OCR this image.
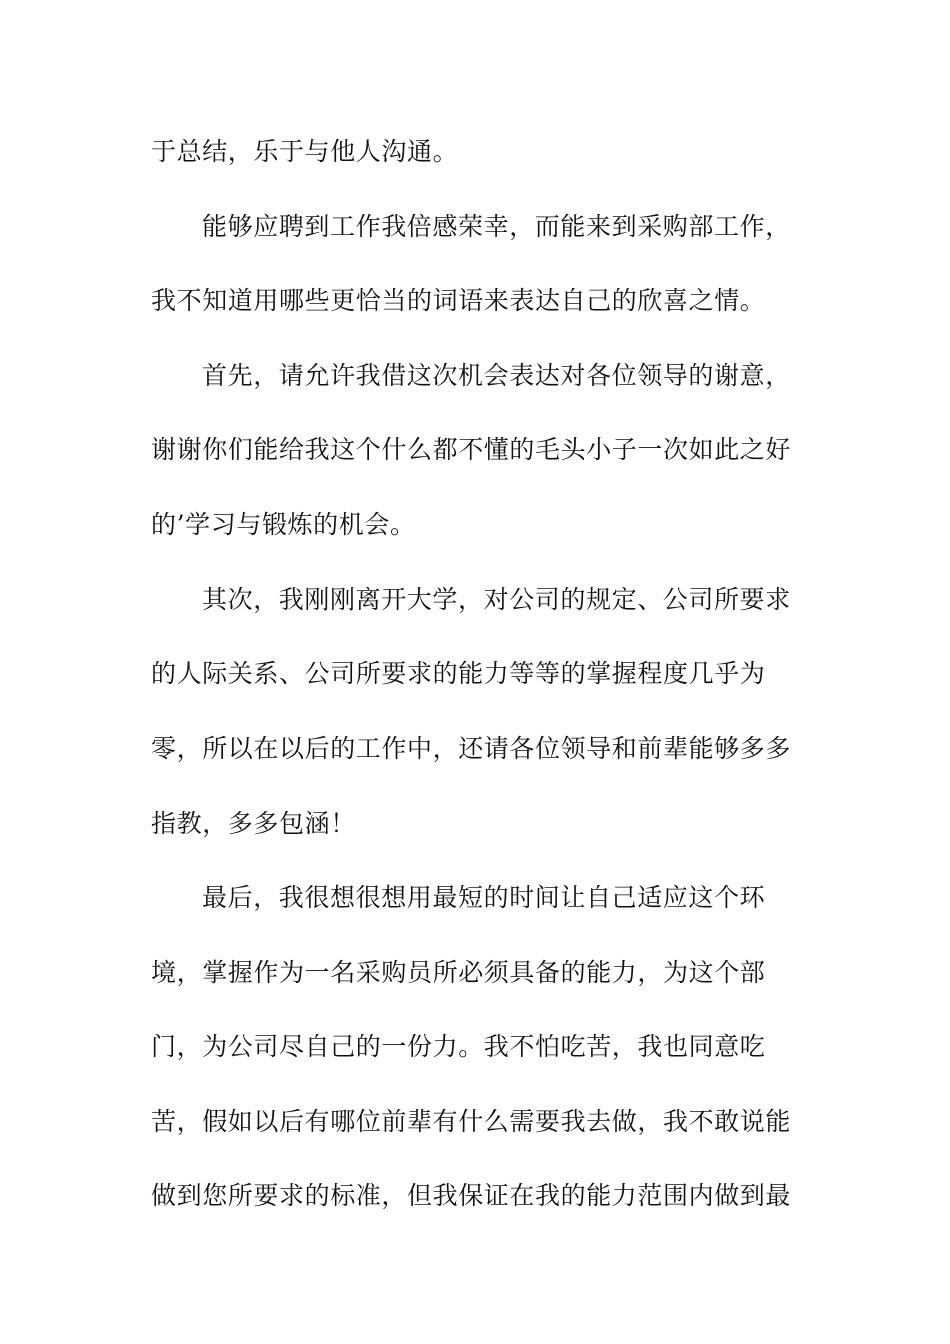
于总结，乐于与他人沟通。
能够应聘到工作我倍感荣幸，而能来到采购部工作，
我不知道用哪些更恰当的词语来表达自己的欣喜之情。
首先，请允许我借这次机会表达对各位领导的谢意，
谢谢你们能给我这个什么都不懂的毛头小子一次如此之好
的’学习与锻炼的机会。
其次，我刚刚离开大学，对公司的规定、公司所要求
的人际关系、公司所要求的能力等等的掌握程度几乎为
零，所以在以后的工作中，还请各位领导和前辈能够多多
指教，多多包涵！
最后，我很想很想用最短的时间让自己适应这个环
境，掌握作为一名采购员所必须具备的能力，为这个部
门，为公司尽自己的一份力。我不怕吃苦，我也同意吃
苦，假如以后有哪位前辈有什么需要我去做，我不敢说能
做到您所要求的标准，但我保证在我的能力范围内做到最
